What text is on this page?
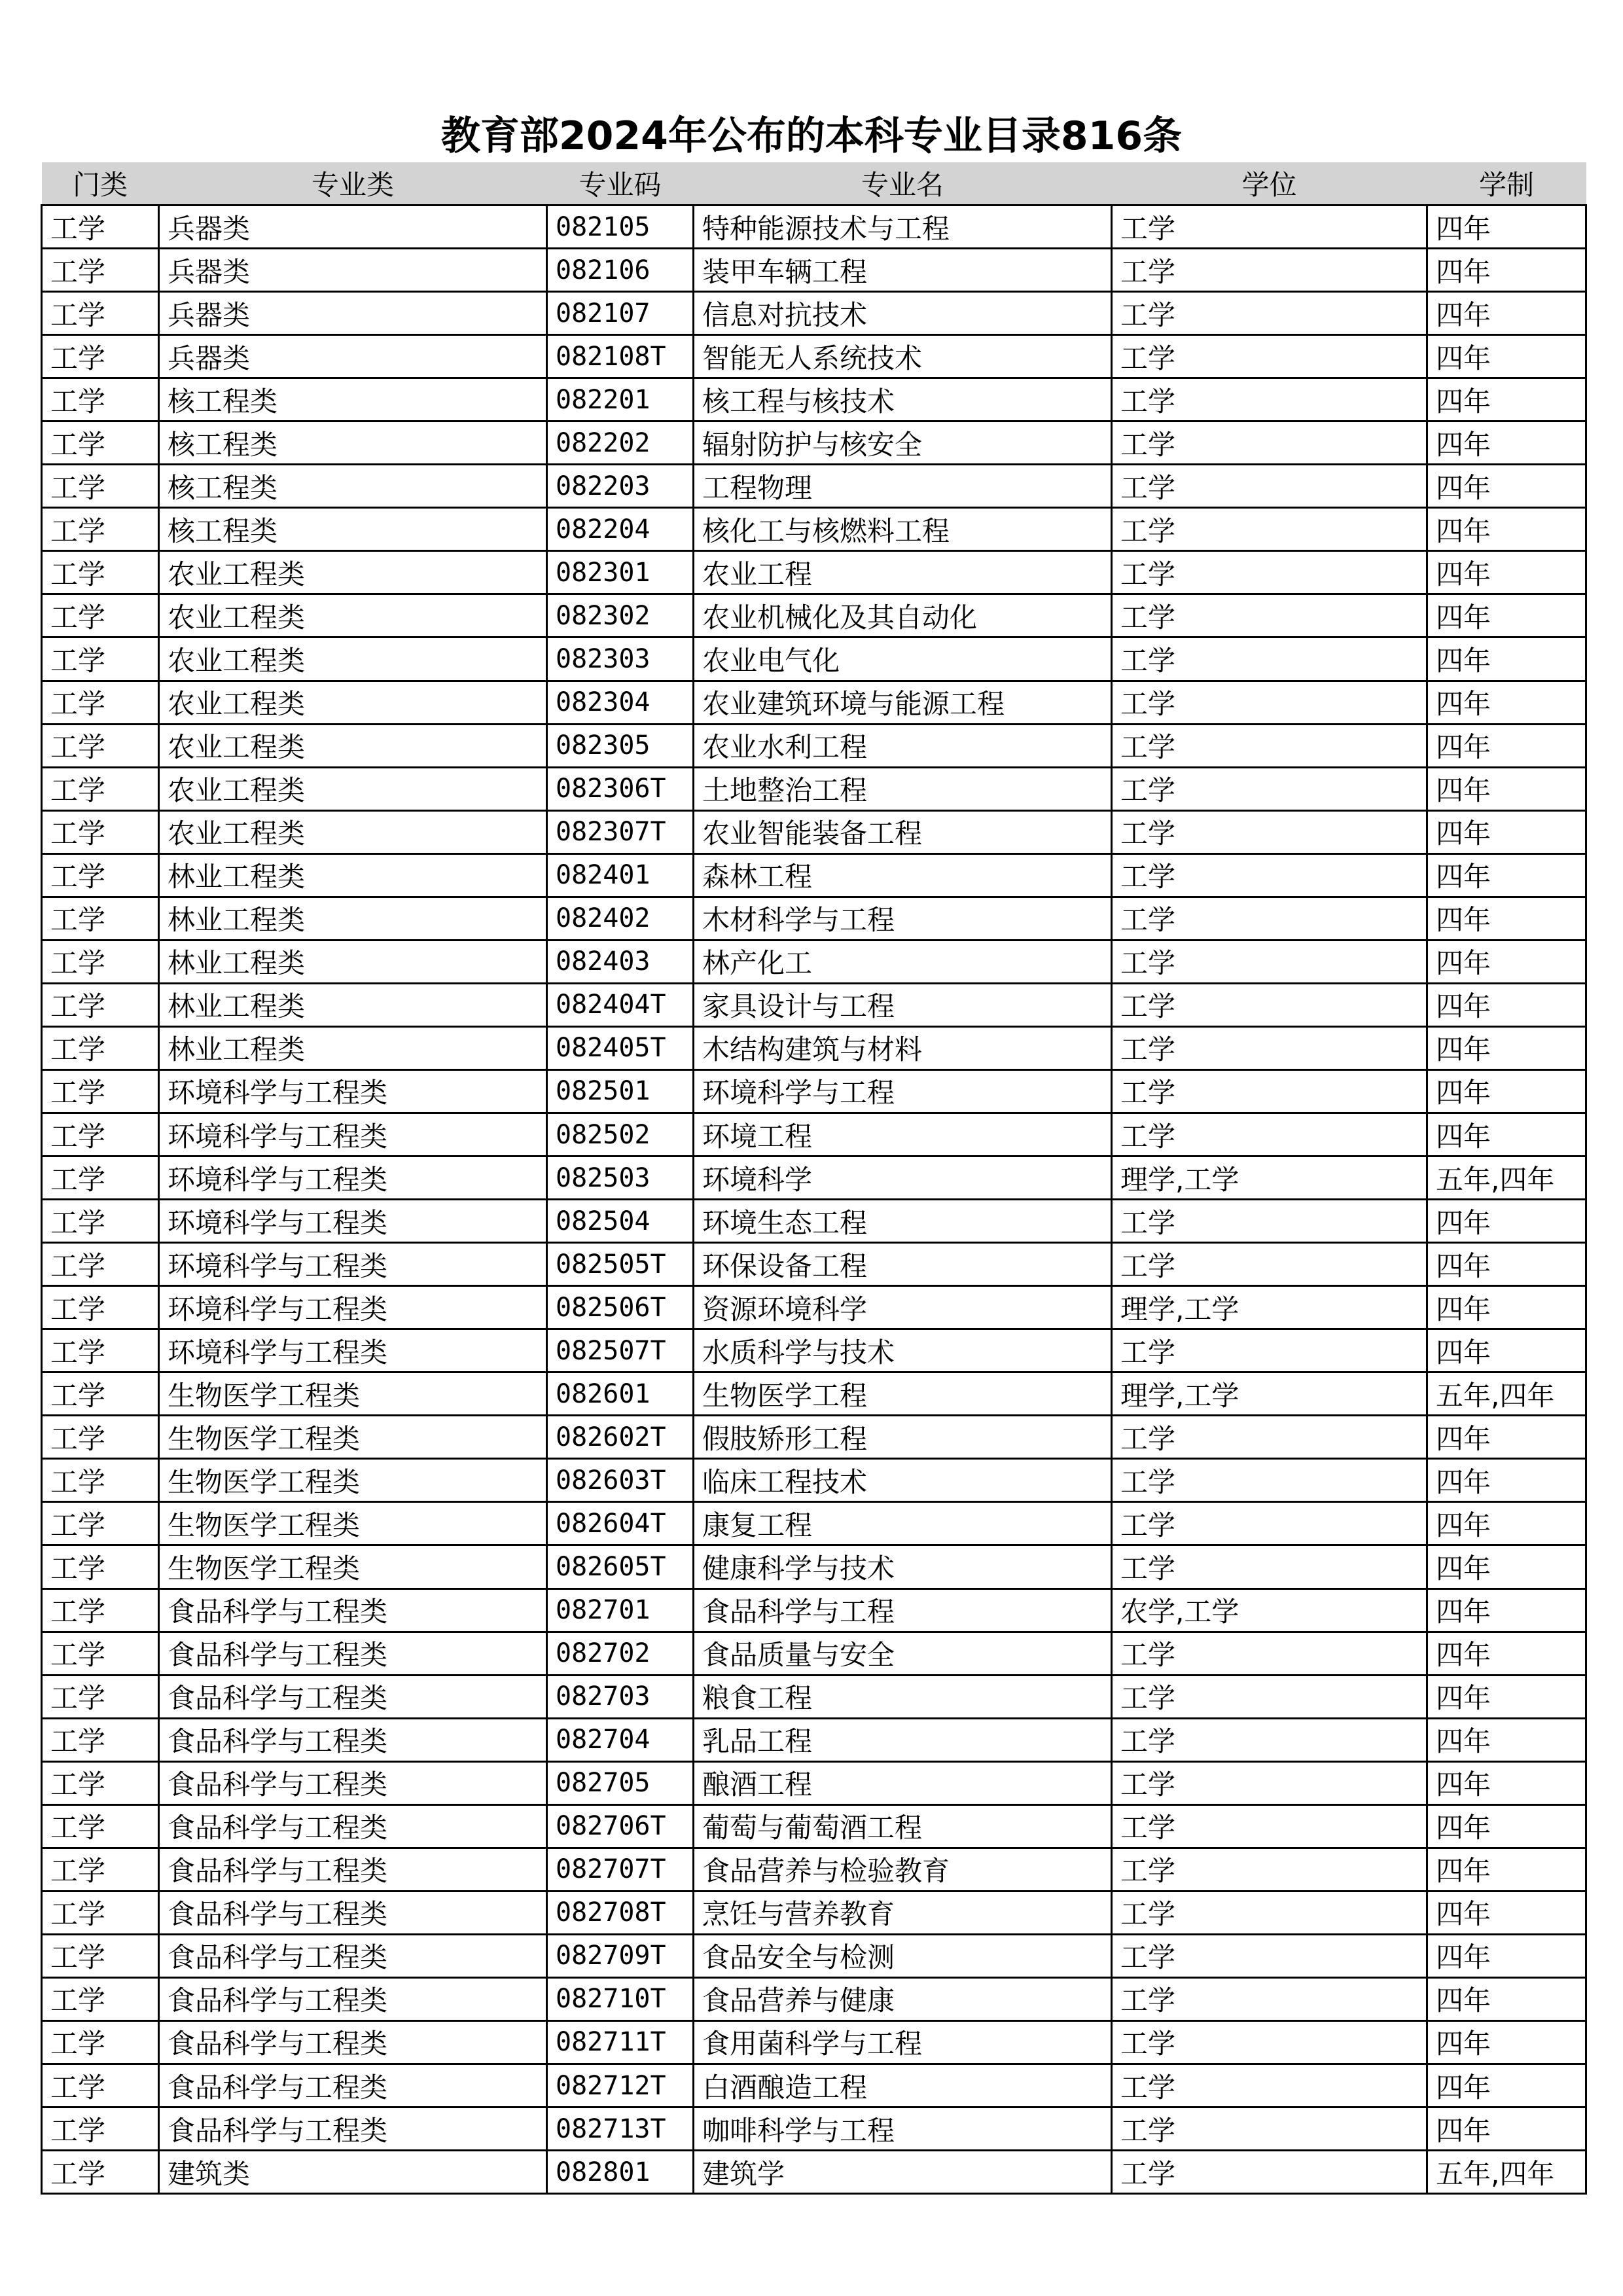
教育部2024年公布的本科专业目录816条
门类	专业类	专业码	专业名	学位	学制
工学	兵器类	082105	特种能源技术与工程	工学	四年
工学	兵器类	082106	装甲车辆工程	工学	四年
工学	兵器类	082107	信息对抗技术	工学	四年
工学	兵器类	082108T	智能无人系统技术	工学	四年
工学	核工程类	082201	核工程与核技术	工学	四年
工学	核工程类	082202	辐射防护与核安全	工学	四年
工学	核工程类	082203	工程物理	工学	四年
工学	核工程类	082204	核化工与核燃料工程	工学	四年
工学	农业工程类	082301	农业工程	工学	四年
工学	农业工程类	082302	农业机械化及其自动化	工学	四年
工学	农业工程类	082303	农业电气化	工学	四年
工学	农业工程类	082304	农业建筑环境与能源工程	工学	四年
工学	农业工程类	082305	农业水利工程	工学	四年
工学	农业工程类	082306T	土地整治工程	工学	四年
工学	农业工程类	082307T	农业智能装备工程	工学	四年
工学	林业工程类	082401	森林工程	工学	四年
工学	林业工程类	082402	木材科学与工程	工学	四年
工学	林业工程类	082403	林产化工	工学	四年
工学	林业工程类	082404T	家具设计与工程	工学	四年
工学	林业工程类	082405T	木结构建筑与材料	工学	四年
工学	环境科学与工程类	082501	环境科学与工程	工学	四年
工学	环境科学与工程类	082502	环境工程	工学	四年
工学	环境科学与工程类	082503	环境科学	理学,工学	五年,四年
工学	环境科学与工程类	082504	环境生态工程	工学	四年
工学	环境科学与工程类	082505T	环保设备工程	工学	四年
工学	环境科学与工程类	082506T	资源环境科学	理学,工学	四年
工学	环境科学与工程类	082507T	水质科学与技术	工学	四年
工学	生物医学工程类	082601	生物医学工程	理学,工学	五年,四年
工学	生物医学工程类	082602T	假肢矫形工程	工学	四年
工学	生物医学工程类	082603T	临床工程技术	工学	四年
工学	生物医学工程类	082604T	康复工程	工学	四年
工学	生物医学工程类	082605T	健康科学与技术	工学	四年
工学	食品科学与工程类	082701	食品科学与工程	农学,工学	四年
工学	食品科学与工程类	082702	食品质量与安全	工学	四年
工学	食品科学与工程类	082703	粮食工程	工学	四年
工学	食品科学与工程类	082704	乳品工程	工学	四年
工学	食品科学与工程类	082705	酿酒工程	工学	四年
工学	食品科学与工程类	082706T	葡萄与葡萄酒工程	工学	四年
工学	食品科学与工程类	082707T	食品营养与检验教育	工学	四年
工学	食品科学与工程类	082708T	烹饪与营养教育	工学	四年
工学	食品科学与工程类	082709T	食品安全与检测	工学	四年
工学	食品科学与工程类	082710T	食品营养与健康	工学	四年
工学	食品科学与工程类	082711T	食用菌科学与工程	工学	四年
工学	食品科学与工程类	082712T	白酒酿造工程	工学	四年
工学	食品科学与工程类	082713T	咖啡科学与工程	工学	四年
工学	建筑类	082801	建筑学	工学	五年,四年
